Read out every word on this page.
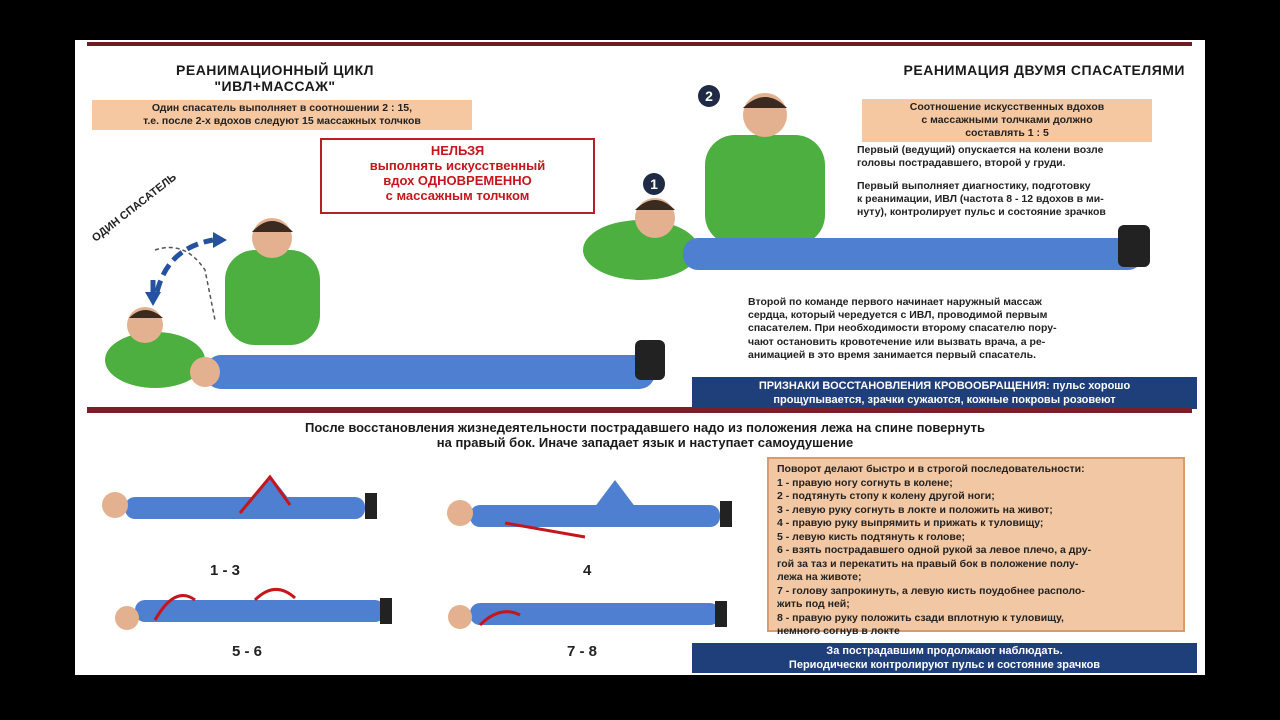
РЕАНИМАЦИОННЫЙ ЦИКЛ
"ИВЛ+МАССАЖ"
Один спасатель выполняет в соотношении 2 : 15,
т.е. после 2-х вдохов следуют 15 массажных толчков
НЕЛЬЗЯ
выполнять искусственный
вдох ОДНОВРЕМЕННО
с массажным толчком
ОДИН СПАСАТЕЛЬ
РЕАНИМАЦИЯ ДВУМЯ СПАСАТЕЛЯМИ
2
1
Соотношение искусственных вдохов
с массажными толчками должно
составлять 1 : 5
Первый (ведущий) опускается на колени возле
головы пострадавшего, второй у груди.
Первый выполняет диагностику, подготовку
к реанимации, ИВЛ (частота 8 - 12 вдохов в ми-
нуту), контролирует пульс и состояние зрачков
Второй по команде первого начинает наружный массаж
сердца, который чередуется с ИВЛ, проводимой первым
спасателем. При необходимости второму спасателю пору-
чают остановить кровотечение или вызвать врача, а ре-
анимацией в это время занимается первый спасатель.
ПРИЗНАКИ ВОССТАНОВЛЕНИЯ КРОВООБРАЩЕНИЯ: пульс хорошо
прощупывается, зрачки сужаются, кожные покровы розовеют
После восстановления жизнедеятельности пострадавшего надо из положения лежа на спине повернуть
на правый бок. Иначе западает язык и наступает самоудушение
1 - 3	4
5 - 6	7 - 8
Поворот делают быстро и в строгой последовательности:
1 - правую ногу согнуть в колене;
2 - подтянуть стопу к колену другой ноги;
3 - левую руку согнуть в локте и положить на живот;
4 - правую руку выпрямить и прижать к туловищу;
5 - левую кисть подтянуть к голове;
6 - взять пострадавшего одной рукой за левое плечо, а дру-
гой за таз и перекатить на правый бок в положение полу-
лежа на животе;
7 - голову запрокинуть, а левую кисть поудобнее располо-
жить под ней;
8 - правую руку положить сзади вплотную к туловищу,
немного согнув в локте
За пострадавшим продолжают наблюдать.
Периодически контролируют пульс и состояние зрачков
